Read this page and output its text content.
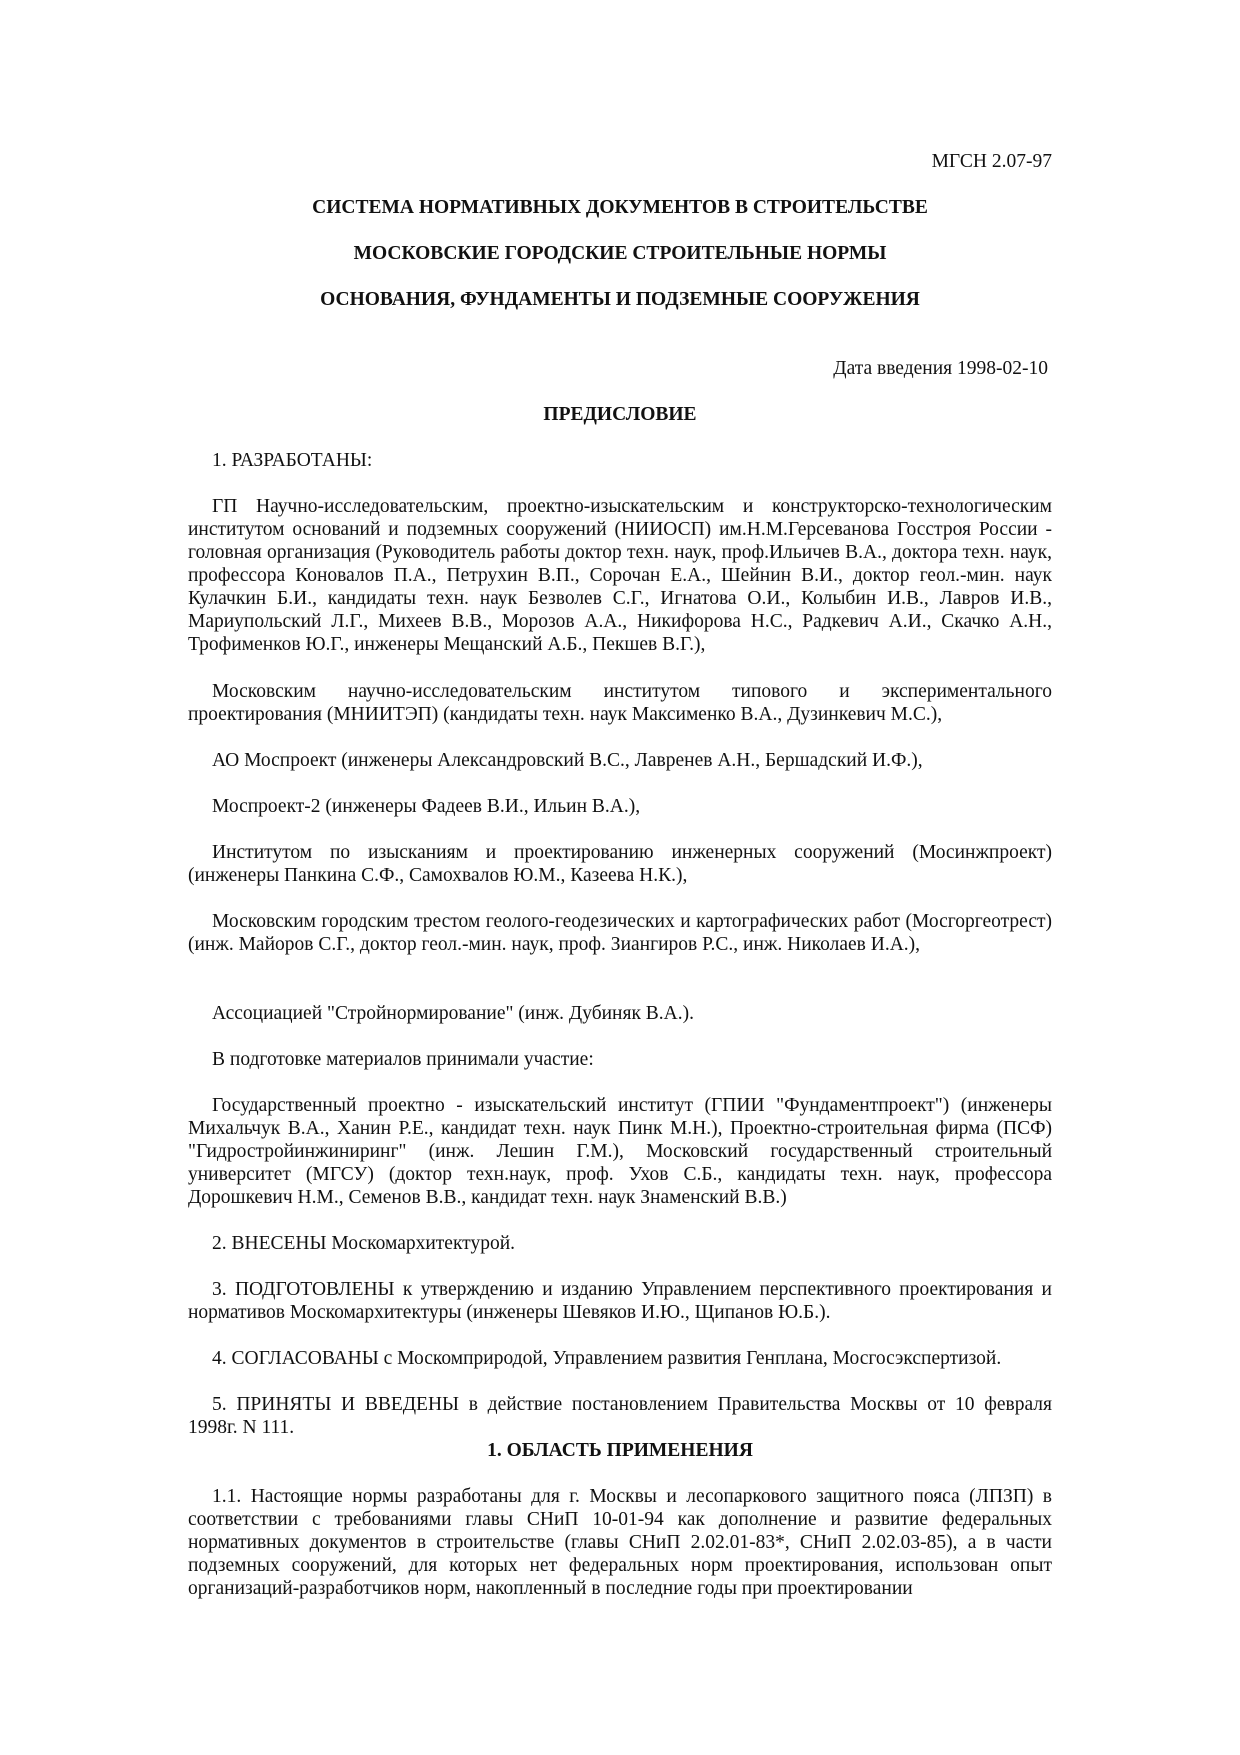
МГСН 2.07-97
СИСТЕМА НОРМАТИВНЫХ ДОКУМЕНТОВ В СТРОИТЕЛЬСТВЕ
МОСКОВСКИЕ ГОРОДСКИЕ СТРОИТЕЛЬНЫЕ НОРМЫ
ОСНОВАНИЯ, ФУНДАМЕНТЫ И ПОДЗЕМНЫЕ СООРУЖЕНИЯ
Дата введения 1998-02-10
ПРЕДИСЛОВИЕ
1. РАЗРАБОТАНЫ:
ГП Научно-исследовательским, проектно-изыскательским и конструкторско-технологическим институтом оснований и подземных сооружений (НИИОСП) им.Н.М.Герсеванова Госстроя России - головная организация (Руководитель работы доктор техн. наук, проф.Ильичев В.А., доктора техн. наук, профессора Коновалов П.А., Петрухин В.П., Сорочан Е.А., Шейнин В.И., доктор геол.-мин. наук Кулачкин Б.И., кандидаты техн. наук Безволев С.Г., Игнатова О.И., Колыбин И.В., Лавров И.В., Мариупольский Л.Г., Михеев В.В., Морозов А.А., Никифорова Н.С., Радкевич А.И., Скачко А.Н., Трофименков Ю.Г., инженеры Мещанский А.Б., Пекшев В.Г.),
Московским научно-исследовательским институтом типового и экспериментального проектирования (МНИИТЭП) (кандидаты техн. наук Максименко В.А., Дузинкевич М.С.),
АО Моспроект (инженеры Александровский В.С., Лавренев А.Н., Бершадский И.Ф.),
Моспроект-2 (инженеры Фадеев В.И., Ильин В.А.),
Институтом по изысканиям и проектированию инженерных сооружений (Мосинжпроект) (инженеры Панкина С.Ф., Самохвалов Ю.М., Казеева Н.К.),
Московским городским трестом геолого-геодезических и картографических работ (Мосгоргеотрест) (инж. Майоров С.Г., доктор геол.-мин. наук, проф. Зиангиров Р.С., инж. Николаев И.А.),
Ассоциацией "Стройнормирование" (инж. Дубиняк В.А.).
В подготовке материалов принимали участие:
Государственный проектно - изыскательский институт (ГПИИ "Фундаментпроект") (инженеры Михальчук В.А., Ханин Р.Е., кандидат техн. наук Пинк М.Н.), Проектно-строительная фирма (ПСФ) "Гидростройинжиниринг" (инж. Лешин Г.М.), Московский государственный строительный университет (МГСУ) (доктор техн.наук, проф. Ухов С.Б., кандидаты техн. наук, профессора Дорошкевич Н.М., Семенов В.В., кандидат техн. наук Знаменский В.В.)
2. ВНЕСЕНЫ Москомархитектурой.
3. ПОДГОТОВЛЕНЫ к утверждению и изданию Управлением перспективного проектирования и нормативов Москомархитектуры (инженеры Шевяков И.Ю., Щипанов Ю.Б.).
4. СОГЛАСОВАНЫ с Москомприродой, Управлением развития Генплана, Мосгосэкспертизой.
5. ПРИНЯТЫ И ВВЕДЕНЫ в действие постановлением Правительства Москвы от 10 февраля 1998г. N 111.
1. ОБЛАСТЬ ПРИМЕНЕНИЯ
1.1. Настоящие нормы разработаны для г. Москвы и лесопаркового защитного пояса (ЛПЗП) в соответствии с требованиями главы СНиП 10-01-94 как дополнение и развитие федеральных нормативных документов в строительстве (главы СНиП 2.02.01-83*, СНиП 2.02.03-85), а в части подземных сооружений, для которых нет федеральных норм проектирования, использован опыт организаций-разработчиков норм, накопленный в последние годы при проектировании
